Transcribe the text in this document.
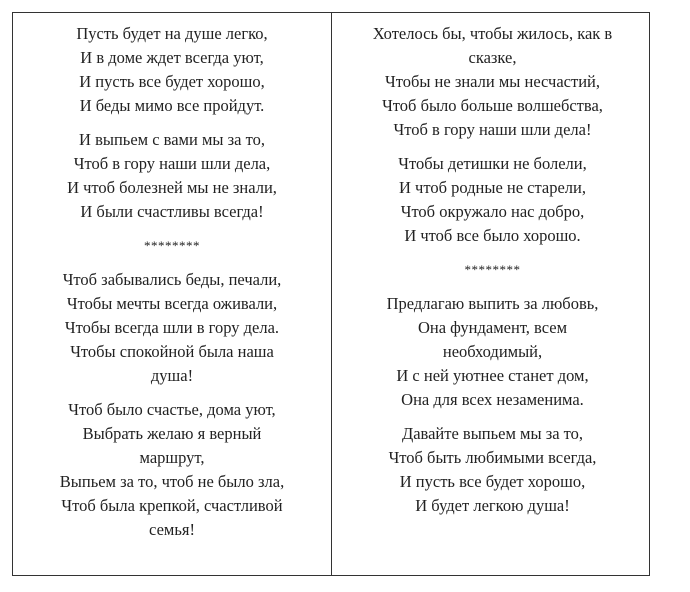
Пусть будет на душе легко,
И в доме ждет всегда уют,
И пусть все будет хорошо,
И беды мимо все пройдут.
И выпьем с вами мы за то,
Чтоб в гору наши шли дела,
И чтоб болезней мы не знали,
И были счастливы всегда!
********
Чтоб забывались беды, печали,
Чтобы мечты всегда оживали,
Чтобы всегда шли в гору дела.
Чтобы спокойной была наша
душа!
Чтоб было счастье, дома уют,
Выбрать желаю я верный
маршрут,
Выпьем за то, чтоб не было зла,
Чтоб была крепкой, счастливой
семья!
Хотелось бы, чтобы жилось, как в
сказке,
Чтобы не знали мы несчастий,
Чтоб было больше волшебства,
Чтоб в гору наши шли дела!
Чтобы детишки не болели,
И чтоб родные не старели,
Чтоб окружало нас добро,
И чтоб все было хорошо.
********
Предлагаю выпить за любовь,
Она фундамент, всем
необходимый,
И с ней уютнее станет дом,
Она для всех незаменима.
Давайте выпьем мы за то,
Чтоб быть любимыми всегда,
И пусть все будет хорошо,
И будет легкою душа!
